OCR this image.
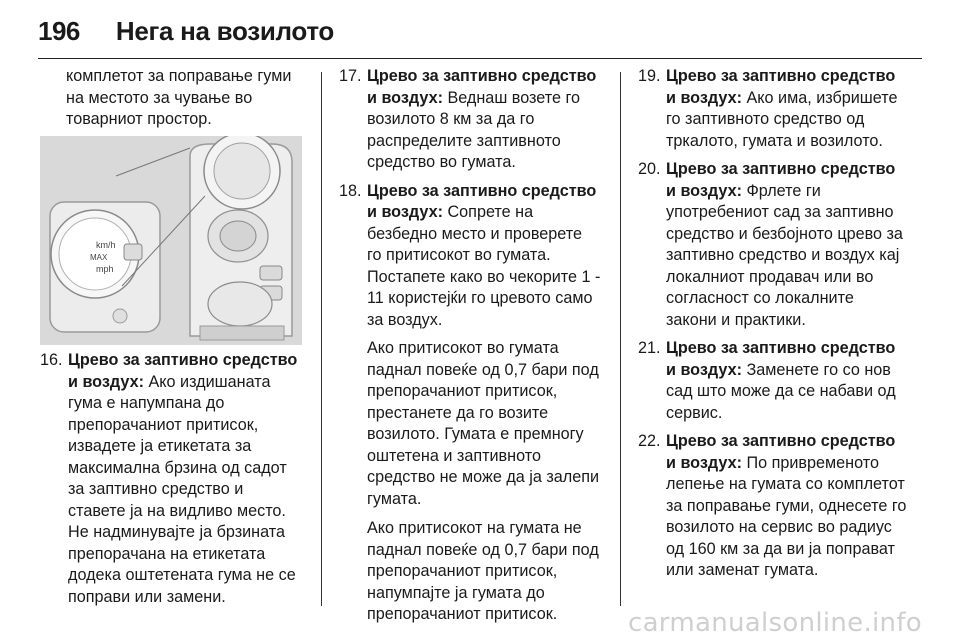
196 Нега на возилото

комплетот за поправање гуми на местото за чување во товарниот простор.

km/h
MAX
mph
16. Црево за заптивно средство и воздух: Ако издишаната гума е напумпана до препорачаниот притисок, извадете ја етикетата за максимална брзина од садот за заптивно средство и ставете ја на видливо место. Не надминувајте ја брзината препорачана на етикетата додека оштетената гума не се поправи или замени.
17. Црево за заптивно средство и воздух: Веднаш возете го возилото 8 км за да го распределите заптивното средство во гумата.
18. Црево за заптивно средство и воздух: Сопрете на безбедно место и проверете го притисокот во гумата. Постапете како во чекорите 1 - 11 користејќи го цревото само за воздух.

Ако притисокот во гумата паднал повеќе од 0,7 бари под препорачаниот притисок, престанете да го возите возилото. Гумата е премногу оштетена и заптивното средство не може да ја залепи гумата.

Ако притисокот на гумата не паднал повеќе од 0,7 бари под препорачаниот притисок, напумпајте ја гумата до препорачаниот притисок.

19. Црево за заптивно средство и воздух: Ако има, избришете го заптивното средство од тркалото, гумата и возилото.
20. Црево за заптивно средство и воздух: Фрлете ги употребениот сад за заптивно средство и безбојното црево за заптивно средство и воздух кај локалниот продавач или во согласност со локалните закони и практики.
21. Црево за заптивно средство и воздух: Заменете го со нов сад што може да се набави од сервис.
22. Црево за заптивно средство и воздух: По привременото лепење на гумата со комплетот за поправање гуми, однесете го возилото на сервис во радиус од 160 км за да ви ја поправат или заменат гумата.
carmanualsonline.info
